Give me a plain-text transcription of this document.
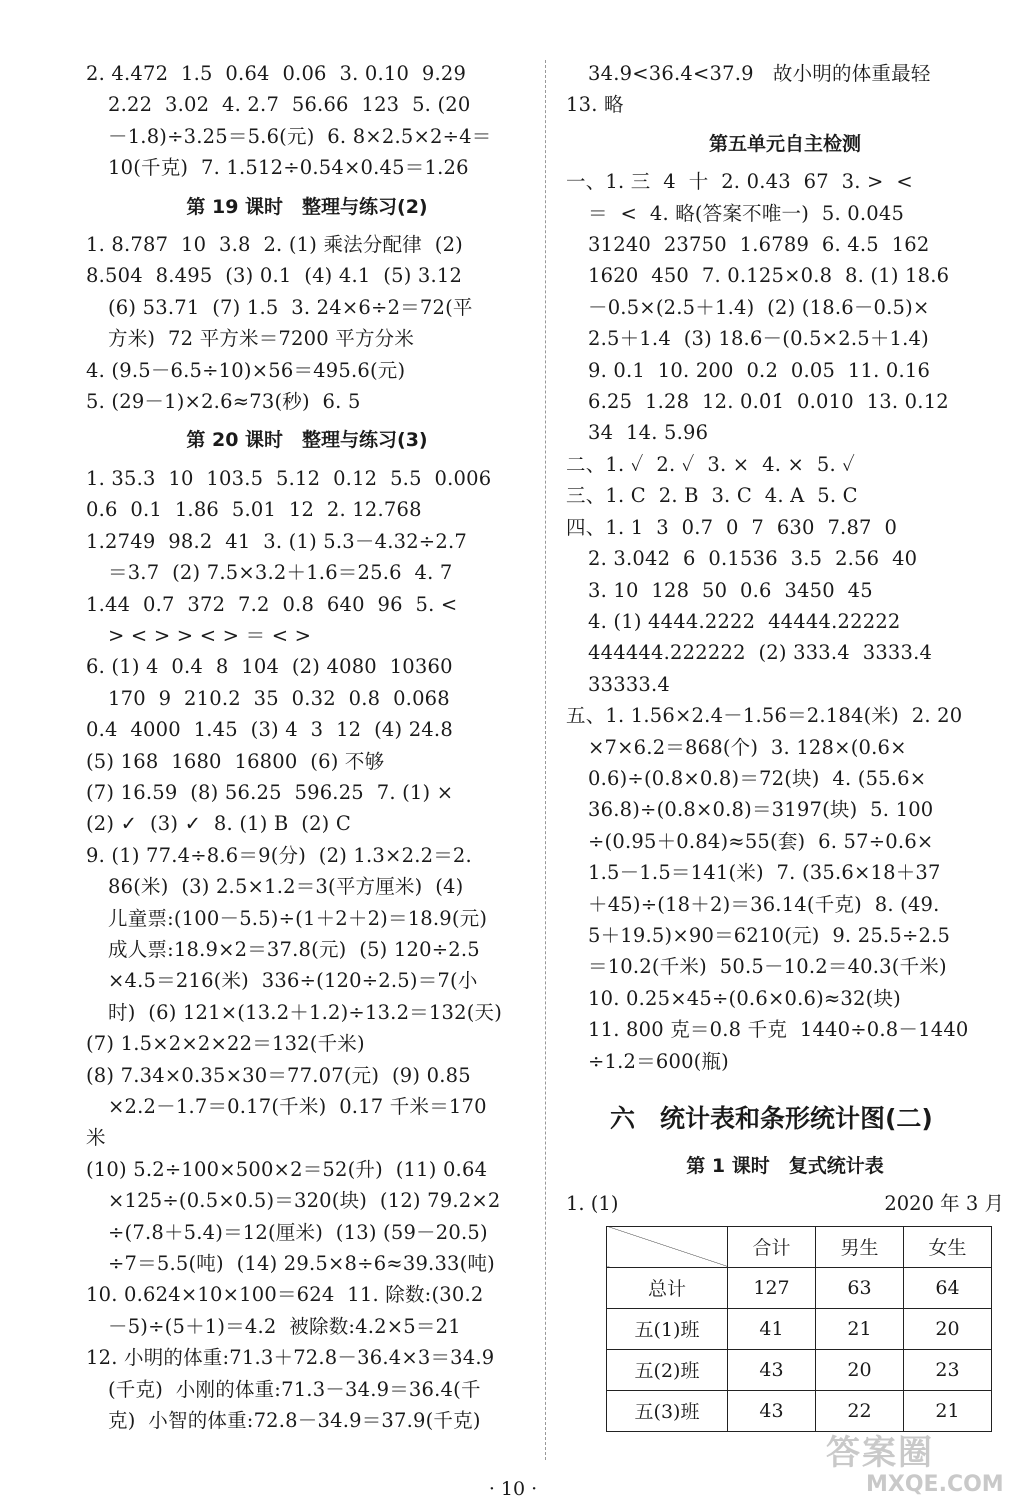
2. 4.472  1.5  0.64  0.06  3. 0.10  9.29
2.22  3.02  4. 2.7  56.66  123  5. (20
－1.8)÷3.25＝5.6(元)  6. 8×2.5×2÷4＝
10(千克)  7. 1.512÷0.54×0.45＝1.26
第 19 课时　整理与练习(2)
1. 8.787  10  3.8  2. (1) 乘法分配律  (2)
8.504  8.495  (3) 0.1  (4) 4.1  (5) 3.12
(6) 53.71  (7) 1.5  3. 24×6÷2＝72(平
方米)  72 平方米＝7200 平方分米
4. (9.5－6.5÷10)×56＝495.6(元)
5. (29－1)×2.6≈73(秒)  6. 5
第 20 课时　整理与练习(3)
1. 35.3  10  103.5  5.12  0.12  5.5  0.006
0.6  0.1  1.86  5.01  12  2. 12.768
1.2749  98.2  41  3. (1) 5.3－4.32÷2.7
＝3.7  (2) 7.5×3.2＋1.6＝25.6  4. 7
1.44  0.7  372  7.2  0.8  640  96  5. <
> < > > < > ＝ < >
6. (1) 4  0.4  8  104  (2) 4080  10360
170  9  210.2  35  0.32  0.8  0.068
0.4  4000  1.45  (3) 4  3  12  (4) 24.8
(5) 168  1680  16800  (6) 不够
(7) 16.59  (8) 56.25  596.25  7. (1) ×
(2) ✓  (3) ✓  8. (1) B  (2) C
9. (1) 77.4÷8.6＝9(分)  (2) 1.3×2.2＝2.
86(米)  (3) 2.5×1.2＝3(平方厘米)  (4)
儿童票:(100－5.5)÷(1＋2＋2)＝18.9(元)
成人票:18.9×2＝37.8(元)  (5) 120÷2.5
×4.5＝216(米)  336÷(120÷2.5)＝7(小
时)  (6) 121×(13.2＋1.2)÷13.2＝132(天)
(7) 1.5×2×2×22＝132(千米)
(8) 7.34×0.35×30＝77.07(元)  (9) 0.85
×2.2－1.7＝0.17(千米)  0.17 千米＝170
米
(10) 5.2÷100×500×2＝52(升)  (11) 0.64
×125÷(0.5×0.5)＝320(块)  (12) 79.2×2
÷(7.8＋5.4)＝12(厘米)  (13) (59－20.5)
÷7＝5.5(吨)  (14) 29.5×8÷6≈39.33(吨)
10. 0.624×10×100＝624  11. 除数:(30.2
－5)÷(5＋1)＝4.2  被除数:4.2×5＝21
12. 小明的体重:71.3＋72.8－36.4×3＝34.9
(千克)  小刚的体重:71.3－34.9＝36.4(千
克)  小智的体重:72.8－34.9＝37.9(千克)
34.9<36.4<37.9   故小明的体重最轻
13. 略
第五单元自主检测
一、1. 三  4  十  2. 0.43  67  3. >  <
＝  <  4. 略(答案不唯一)  5. 0.045
31240  23750  1.6789  6. 4.5  162
1620  450  7. 0.125×0.8  8. (1) 18.6
－0.5×(2.5＋1.4)  (2) (18.6－0.5)×
2.5＋1.4  (3) 18.6－(0.5×2.5＋1.4)
9. 0.1  10. 200  0.2  0.05  11. 0.16
6.25  1.28  12. 0.0̇1̇  0.010  13. 0.12
34  14. 5.96
二、1. ✓  2. ✓  3. ×  4. ×  5. ✓
三、1. C  2. B  3. C  4. A  5. C
四、1. 1  3  0.7  0  7  630  7.87  0
2. 3.042  6  0.1536  3.5  2.56  40
3. 10  128  50  0.6  3450  45
4. (1) 4444.2222  44444.22222
444444.222222  (2) 333.4  3333.4
33333.4
五、1. 1.56×2.4－1.56＝2.184(米)  2. 20
×7×6.2＝868(个)  3. 128×(0.6×
0.6)÷(0.8×0.8)＝72(块)  4. (55.6×
36.8)÷(0.8×0.8)＝3197(块)  5. 100
÷(0.95＋0.84)≈55(套)  6. 57÷0.6×
1.5－1.5＝141(米)  7. (35.6×18＋37
＋45)÷(18＋2)＝36.14(千克)  8. (49.
5＋19.5)×90＝6210(元)  9. 25.5÷2.5
＝10.2(千米)  50.5－10.2＝40.3(千米)
10. 0.25×45÷(0.6×0.6)≈32(块)
11. 800 克＝0.8 千克  1440÷0.8－1440
÷1.2＝600(瓶)
六　统计表和条形统计图(二)
第 1 课时　复式统计表
1. (1)	2020 年 3 月
	合计	男生	女生
总计	127	63	64
五(1)班	41	21	20
五(2)班	43	20	23
五(3)班	43	22	21
· 10 ·
答案圈
MXQE.COM
